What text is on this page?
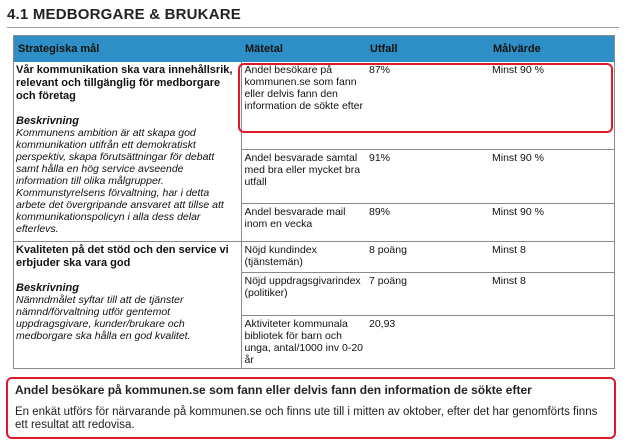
4.1 MEDBORGARE & BRUKARE
Strategiska mål	Mätetal	Utfall	Målvärde

Vår kommunikation ska vara innehållsrik, relevant och tillgänglig för medborgare och företag
Beskrivning
Kommunens ambition är att skapa god kommunikation utifrån ett demokratiskt perspektiv, skapa förutsättningar för debatt samt hålla en hög service avseende information till olika målgrupper. Kommunstyrelsens förvaltning, har i detta arbete det övergripande ansvaret att tillse att kommunikationspolicyn i alla dess delar efterlevs.	Andel besökare på kommunen.se som fann eller delvis fann den information de sökte efter	87%	Minst 90 %
	Andel besvarade samtal med bra eller mycket bra utfall	91%	Minst 90 %
	Andel besvarade mail inom en vecka	89%	Minst 90 %

Kvaliteten på det stöd och den service vi erbjuder ska vara god
Beskrivning
Nämndmålet syftar till att de tjänster nämnd/förvaltning utför gentemot uppdragsgivare, kunder/brukare och medborgare ska hålla en god kvalitet.	Nöjd kundindex (tjänstemän)	8 poäng	Minst 8
	Nöjd uppdragsgivarindex (politiker)	7 poäng	Minst 8
	Aktiviteter kommunala bibliotek för barn och unga, antal/1000 inv 0-20 år	20,93	
Andel besökare på kommunen.se som fann eller delvis fann den information de sökte efter
En enkät utförs för närvarande på kommunen.se och finns ute till i mitten av oktober, efter det har genomförts finns ett resultat att redovisa.
